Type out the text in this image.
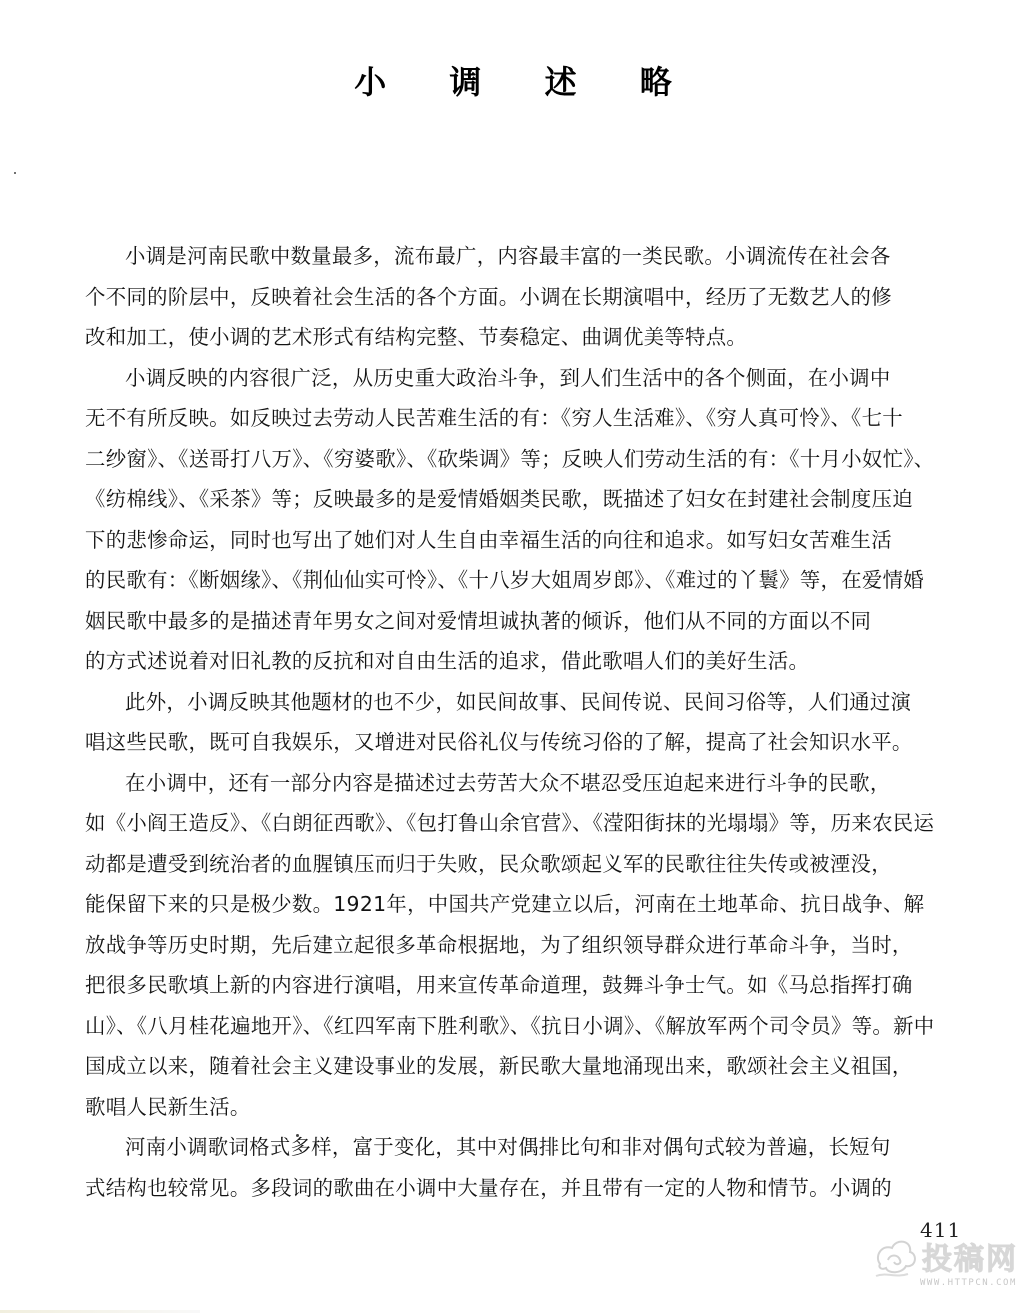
小 调 述 略
小调是河南民歌中数量最多，流布最广，内容最丰富的一类民歌。小调流传在社会各
个不同的阶层中，反映着社会生活的各个方面。小调在长期演唱中，经历了无数艺人的修
改和加工，使小调的艺术形式有结构完整、节奏稳定、曲调优美等特点。
小调反映的内容很广泛，从历史重大政治斗争，到人们生活中的各个侧面，在小调中
无不有所反映。如反映过去劳动人民苦难生活的有：《穷人生活难》、《穷人真可怜》、《七十
二纱窗》、《送哥打八万》、《穷婆歌》、《砍柴调》等；反映人们劳动生活的有：《十月小奴忙》、
《纺棉线》、《采茶》等；反映最多的是爱情婚姻类民歌，既描述了妇女在封建社会制度压迫
下的悲惨命运，同时也写出了她们对人生自由幸福生活的向往和追求。如写妇女苦难生活
的民歌有：《断姻缘》、《荆仙仙实可怜》、《十八岁大姐周岁郎》、《难过的丫鬟》等，在爱情婚
姻民歌中最多的是描述青年男女之间对爱情坦诚执著的倾诉，他们从不同的方面以不同
的方式述说着对旧礼教的反抗和对自由生活的追求，借此歌唱人们的美好生活。
此外，小调反映其他题材的也不少，如民间故事、民间传说、民间习俗等，人们通过演
唱这些民歌，既可自我娱乐，又增进对民俗礼仪与传统习俗的了解，提高了社会知识水平。
在小调中，还有一部分内容是描述过去劳苦大众不堪忍受压迫起来进行斗争的民歌，
如《小阎王造反》、《白朗征西歌》、《包打鲁山余官营》、《滢阳街抹的光塌塌》等，历来农民运
动都是遭受到统治者的血腥镇压而归于失败，民众歌颂起义军的民歌往往失传或被湮没，
能保留下来的只是极少数。1921年，中国共产党建立以后，河南在土地革命、抗日战争、解
放战争等历史时期，先后建立起很多革命根据地，为了组织领导群众进行革命斗争，当时，
把很多民歌填上新的内容进行演唱，用来宣传革命道理，鼓舞斗争士气。如《马总指挥打确
山》、《八月桂花遍地开》、《红四军南下胜利歌》、《抗日小调》、《解放军两个司令员》等。新中
国成立以来，随着社会主义建设事业的发展，新民歌大量地涌现出来，歌颂社会主义祖国，
歌唱人民新生活。
河南小调歌词格式多样，富于变化，其中对偶排比句和非对偶句式较为普遍，长短句
式结构也较常见。多段词的歌曲在小调中大量存在，并且带有一定的人物和情节。小调的
411
投稿网
WWW.HTTPCN.COM
